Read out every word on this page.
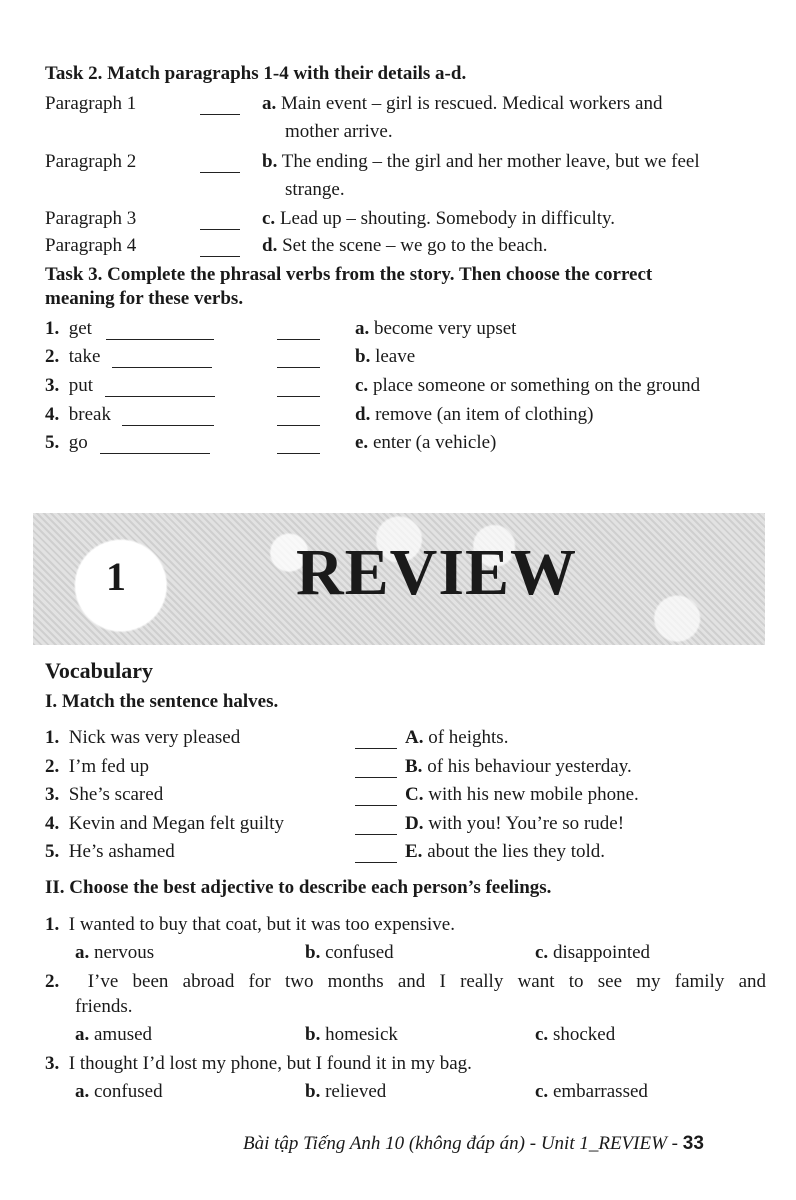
Task 2. Match paragraphs 1-4 with their details a-d.
Paragraph 1	a. Main event – girl is rescued. Medical workers and
mother arrive.
Paragraph 2	b. The ending – the girl and her mother leave, but we feel
strange.
Paragraph 3	c. Lead up – shouting. Somebody in difficulty.
Paragraph 4	d. Set the scene – we go to the beach.
Task 3. Complete the phrasal verbs from the story. Then choose the correct
meaning for these verbs.
1. get	a. become very upset
2. take	b. leave
3. put	c. place someone or something on the ground
4. break	d. remove (an item of clothing)
5. go	e. enter (a vehicle)
1	REVIEW
Vocabulary
I. Match the sentence halves.
1. Nick was very pleased	A. of heights.
2. I’m fed up	B. of his behaviour yesterday.
3. She’s scared	C. with his new mobile phone.
4. Kevin and Megan felt guilty	D. with you! You’re so rude!
5. He’s ashamed	E. about the lies they told.
II. Choose the best adjective to describe each person’s feelings.
1. I wanted to buy that coat, but it was too expensive.
a. nervous	b. confused	c. disappointed
2. I’ve been abroad for two months and I really want to see my family and
friends.
a. amused	b. homesick	c. shocked
3. I thought I’d lost my phone, but I found it in my bag.
a. confused	b. relieved	c. embarrassed
Bài tập Tiếng Anh 10 (không đáp án) - Unit 1_REVIEW - 33
